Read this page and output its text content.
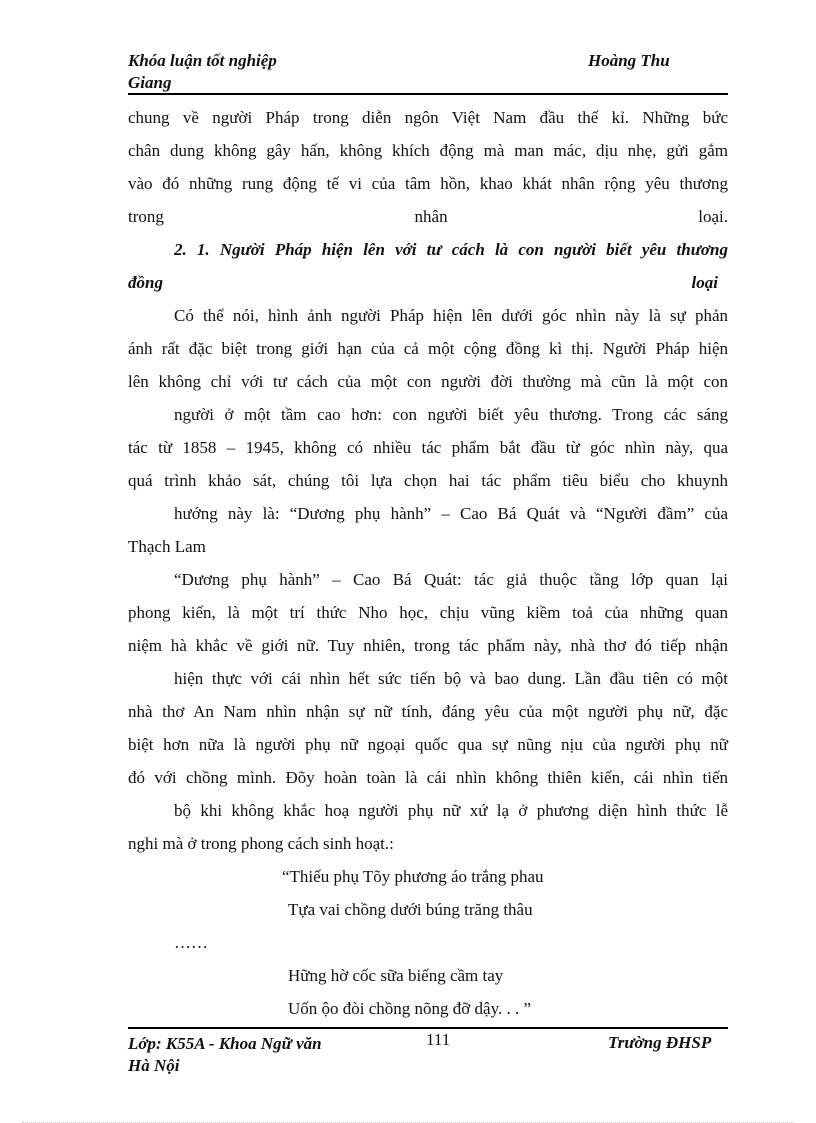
Khóa luận tốt nghiệp
Giang
Hoàng Thu
chung về người Pháp trong diễn ngôn Việt Nam đầu thế kỉ. Những bức
chân dung không gây hấn, không khích động mà man mác, dịu nhẹ, gửi gắm
vào đó những rung động tế vi của tâm hồn, khao khát nhân rộng yêu thương
trong	nhân	loại.
2. 1. Người Pháp hiện lên với tư cách là con người biết yêu thương
đồng	loại
Có thể nói, hình ảnh người Pháp hiện lên dưới góc nhìn này là sự phản
ánh rất đặc biệt trong giới hạn của cả một cộng đồng kì thị. Người Pháp hiện
lên không chỉ với tư cách của một con người đời thường mà cũn là một con
người ở một tầm cao hơn: con người biết yêu thương. Trong các sáng
tác từ 1858 – 1945, không có nhiều tác phẩm bắt đầu từ góc nhìn này, qua
quá trình khảo sát, chúng tôi lựa chọn hai tác phẩm tiêu biểu cho khuynh
hướng này là: “Dương phụ hành” – Cao Bá Quát và “Người đầm” của
Thạch Lam
“Dương phụ hành” – Cao Bá Quát: tác giả thuộc tầng lớp quan lại
phong kiến, là một trí thức Nho học, chịu vũng kiềm toả của những quan
niệm hà khắc về giới nữ. Tuy nhiên, trong tác phẩm này, nhà thơ đó tiếp nhận
hiện thực với cái nhìn hết sức tiến bộ và bao dung. Lần đầu tiên có một
nhà thơ An Nam nhìn nhận sự nữ tính, đáng yêu của một người phụ nữ, đặc
biệt hơn nữa là người phụ nữ ngoại quốc qua sự nũng nịu của người phụ nữ
đó với chồng mình. Đõy hoàn toàn là cái nhìn không thiên kiến, cái nhìn tiến
bộ khi không khắc hoạ người phụ nữ xứ lạ ở phương diện hình thức lễ
nghi mà ở trong phong cách sinh hoạt.:
“Thiếu phụ Tõy phương áo trắng phau
Tựa vai chồng dưới búng trăng thâu
……
Hững hờ cốc sữa biếng cầm tay
Uốn ộo đòi chồng nõng đỡ dậy. . . ”
Lớp: K55A - Khoa Ngữ văn
Hà Nội
111	Trường ĐHSP
